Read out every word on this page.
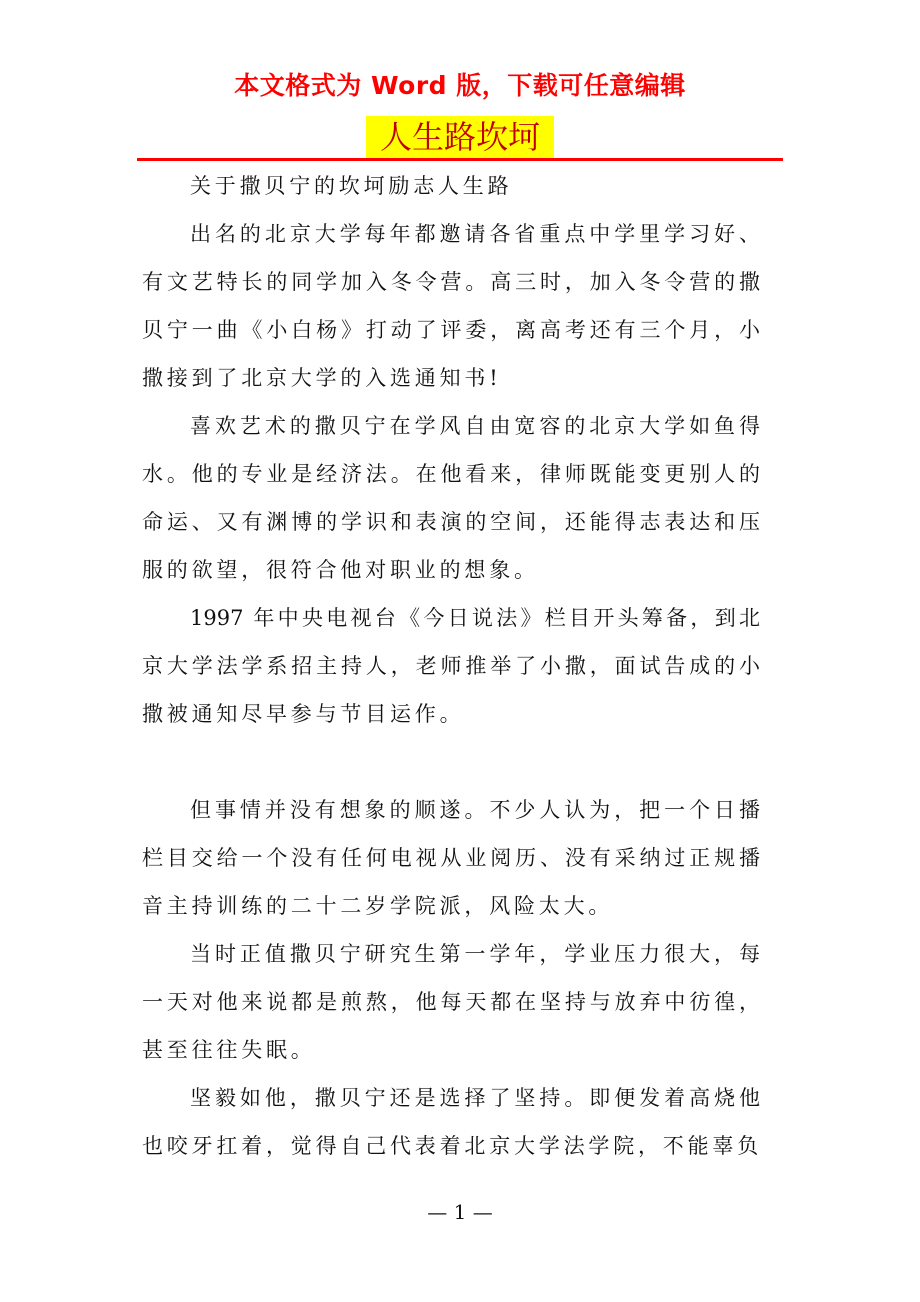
本文格式为 Word 版，下载可任意编辑
人生路坎坷
关于撒贝宁的坎坷励志人生路
出名的北京大学每年都邀请各省重点中学里学习好、
有文艺特长的同学加入冬令营。高三时，加入冬令营的撒
贝宁一曲《小白杨》打动了评委，离高考还有三个月，小
撒接到了北京大学的入选通知书!
喜欢艺术的撒贝宁在学风自由宽容的北京大学如鱼得
水。他的专业是经济法。在他看来，律师既能变更别人的
命运、又有渊博的学识和表演的空间，还能得志表达和压
服的欲望，很符合他对职业的想象。
1997 年中央电视台《今日说法》栏目开头筹备，到北
京大学法学系招主持人，老师推举了小撒，面试告成的小
撒被通知尽早参与节目运作。
但事情并没有想象的顺遂。不少人认为，把一个日播
栏目交给一个没有任何电视从业阅历、没有采纳过正规播
音主持训练的二十二岁学院派，风险太大。
当时正值撒贝宁研究生第一学年，学业压力很大，每
一天对他来说都是煎熬，他每天都在坚持与放弃中彷徨，
甚至往往失眠。
坚毅如他，撒贝宁还是选择了坚持。即便发着高烧他
也咬牙扛着，觉得自己代表着北京大学法学院，不能辜负
— 1 —
